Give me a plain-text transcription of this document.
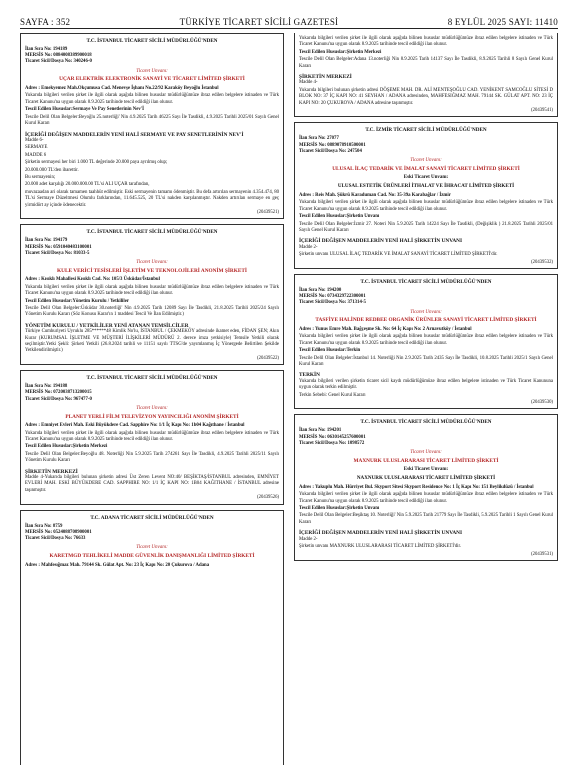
SAYFA : 352	TÜRKİYE TİCARET SİCİLİ GAZETESİ	8 EYLÜL 2025 SAYI: 11410
T.C. İSTANBUL TİCARET SİCİLİ MÜDÜRLÜĞÜ'NDEN
İlan Sıra No: 194189
MERSİS No: 0884008389900018
Ticaret Sicil/Dosya No: 340246-0
Ticaret Unvanı:
UÇAR ELEKTRİK ELEKTRONİK SANAYİ VE TİCARET LİMİTED ŞİRKETİ
Adres : Emekyemez Mah.Okçumusa Cad. Menevşe İşhanı No.22/92 Karaköy Beyoğlu İstanbul
Yukarıda bilgileri verilen şirket ile ilgili olarak aşağıda bilinen hususlar müdürlüğümüze ibraz edilen belgelere istinaden ve Türk Ticaret Kanunu'na uygun olarak 8.9.2025 tarihinde tescil edildiği ilan olunur.
Tescil Edilen Hususlar:Sermaye Ve Pay Senetlerinin Nev'İ
Tescile Delil Olan Belgeler:Beyoğlu 25.noterliği' Nin 4.9.2025 Tarih 46225 Sayı İle Tasdikli, 4.9.2025 Tarihli 2025/01 Sayılı Genel Kurul Kararı
İÇERİĞİ DEĞİŞEN MADDELERİN YENİ HALİ SERMAYE VE PAY SENETLERİNİN NEV'İ
Madde 6-
SERMAYE
MADDE 6
Şirketin sermayesi her biri 1.000 TL değerinde 20.000 paya ayrılmış olup;
20.000.000 TL'den ibarettir.
Bu sermayenin;
20.000 adet karşılığı 20.000.000.00 TL'si ALI UÇAR tarafından,
muvazaadan ari olarak tamamen taahhüt edilmiştir. Eski sermayenin tamamı ödenmiştir. Bu defa artırılan sermayenin 4.354.474, 80 TL'si Sermaye Düzeltmesi Olumlu farklarından, 11.645.525, 20 TL'si nakden karşılanmıştır. Nakden artırılan sermaye en geç yirmidört ay içinde ödenecektir.
(20439521)
T.C. İSTANBUL TİCARET SİCİLİ MÜDÜRLÜĞÜ'NDEN
İlan Sıra No: 194179
MERSİS No: 0591040483100001
Ticaret Sicil/Dosya No: 81033-5
Ticaret Unvanı:
KULE VERİCİ TESİSLERİ İŞLETİM VE TEKNOLOJİLERİ ANONİM ŞİRKETİ
Adres : Kısıklı Mahallesi Kısıklı Cad. No: 105/3 Üsküdar/İstanbul
Yukarıda bilgileri verilen şirket ile ilgili olarak aşağıda bilinen hususlar müdürlüğümüze ibraz edilen belgelere istinaden ve Türk Ticaret Kanunu'na uygun olarak 8.9.2025 tarihinde tescil edildiği ilan olunur.
Tescil Edilen Hususlar:Yönetim Kurulu / Yetkililer
Tescile Delil Olan Belgeler:Üsküdar 30.noterliği' Nin 4.9.2025 Tarih 12089 Sayı İle Tasdikli, 21.8.2025 Tarihli 2025/24 Sayılı Yönetim Kurulu Kararı (Söz Konusu Karar'ın 1 maddesi Tescil Ve İlan Edilmiştir.)
YÖNETİM KURULU / YETKİLİLER YENİ ATANAN TEMSİLCİLER
Türkiye Cumhuriyeti Uyruklu 285******48 Kimlik No'lu, İSTANBUL / ÇEKMEKÖY adresinde ikamet eden, FİDAN ŞEN; Akın Kurar (KURUMSAL İŞLETME VE MÜŞTERİ İLİŞKİLERİ MÜDÜRÜ 2. derece imza yetkisiyle) Temsile Yetkili olarak seçilmiştir.Yetki Şekli: Şirketi Yetkili (26.8.2024 tarihli ve 11151 sayılı TTSG'de yayımlanmış İç Yönergede Belirtilen Şekilde Yetkilendirilmiştir.)
(20439522)
T.C. İSTANBUL TİCARET SİCİLİ MÜDÜRLÜĞÜ'NDEN
İlan Sıra No: 194188
MERSİS No: 0720038713200015
Ticaret Sicil/Dosya No: 967477-0
Ticaret Unvanı:
PLANET YERLİ FİLM TELEVİZYON YAYINCILIĞI ANONİM ŞİRKETİ
Adres : Emniyet Evleri Mah. Eski Büyükdere Cad. Sapphire No: 1/1 İç Kapı No: 1b04 Kağıthane / İstanbul
Yukarıda bilgileri verilen şirket ile ilgili olarak aşağıda bilinen hususlar müdürlüğümüze ibraz edilen belgelere istinaden ve Türk Ticaret Kanunu'na uygun olarak 8.9.2025 tarihinde tescil edildiği ilan olunur.
Tescil Edilen Hususlar:Şirketin Merkezi
Tescile Delil Olan Belgeler:Beyoğlu 48. Noterliği Nin 5.9.2025 Tarih 274261 Sayı İle Tasdikli, 4.9.2025 Tarihli 2025/11 Sayılı Yönetim Kurulu Kararı
ŞİRKETİN MERKEZİ
Madde 4-Yukarıda bilgileri bulunan şirketin adresi Üst Zeren Levent NO:40/ BEŞİKTAŞ/İSTANBUL adresinden, EMNİYET EVLERİ MAH. ESKİ BÜYÜKDERE CAD. SAPPHIRE NO: 1/1 İÇ KAPI NO: 1B04 KAĞITHANE / İSTANBUL adresine taşınmıştır.
(20439526)
T.C. ADANA TİCARET SİCİLİ MÜDÜRLÜĞÜ'NDEN
İlan Sıra No: 8759
MERSİS No: 0524088708900001
Ticaret Sicil/Dosya No: 76633
Ticaret Unvanı:
KARETMGD TEHLİKELİ MADDE GÜVENLİK DANIŞMANLIĞI LİMİTED ŞİRKETİ
Adres : Mahfesığmaz Mah. 79144 Sk. Gülat Apt. No: 23 İç Kapı No: 20 Çukurova / Adana
Yukarıda bilgileri verilen şirket ile ilgili olarak aşağıda bilinen hususlar müdürlüğümüze ibraz edilen belgelere istinaden ve Türk Ticaret Kanunu'na uygun olarak 8.9.2025 tarihinde tescil edildiği ilan olunur.
Tescil Edilen Hususlar:Şirketin Merkezi
Tescile Delil Olan Belgeler:Adana 13.noterliği Nin 8.9.2025 Tarih 14137 Sayı İle Tasdikli, 8.9.2025 Tarihli 8 Sayılı Genel Kurul Kararı
ŞİRKETİN MERKEZİ
Madde 4-
Yukarıda bilgileri bulunan şirketin adresi DÖŞEME MAH. DR. ALİ MENTEŞOĞLU CAD. YENİKENT SAMCOĞLU SİTESİ D BLOK NO: 37 İÇ KAPI NO: 41 SEYHAN / ADANA adresinden, MAHFESIĞMAZ MAH. 79144 SK. GÜLAT APT. NO: 23 İÇ KAPI NO: 20 ÇUKUROVA / ADANA adresine taşınmıştır.
(20439541)
T.C. İZMİR TİCARET SİCİLİ MÜDÜRLÜĞÜ'NDEN
İlan Sıra No: 27077
MERSİS No: 0889078910500001
Ticaret Sicil/Dosya No: 247504
Ticaret Unvanı:
ULUSAL İLAÇ TEDARİK VE İMALAT SANAYİ TİCARET LİMİTED ŞİRKETİ
Eski Ticaret Unvanı:
ULUSAL ESTETİK ÜRÜNLERİ İTHALAT VE İHRACAT LİMİTED ŞİRKETİ
Adres : Reis Mah. Şükrü Karaduman Cad. No: 35-39a Karabağlar / İzmir
Yukarıda bilgileri verilen şirket ile ilgili olarak aşağıda bilinen hususlar müdürlüğümüze ibraz edilen belgelere istinaden ve Türk Ticaret Kanunu'na uygun olarak 8.9.2025 tarihinde tescil edildiği ilan olunur.
Tescil Edilen Hususlar:Şirketin Unvanı
Tescile Delil Olan Belgeler:İzmir 27. Noteri Nin 5.9.2025 Tarih 14224 Sayı İle Tasdikli, (Değişiklik ) 21.8.2025 Tarihli 2025/01 Sayılı Genel Kurul Kararı
İÇERİĞİ DEĞİŞEN MADDELERİN YENİ HALİ ŞİRKETİN UNVANI
Madde 2-
Şirketin unvanı ULUSAL İLAÇ TEDARİK VE İMALAT SANAYİ TİCARET LİMİTED ŞİRKETİ'dir.
(20439532)
T.C. İSTANBUL TİCARET SİCİLİ MÜDÜRLÜĞÜ'NDEN
İlan Sıra No: 194200
MERSİS No: 0734329722300001
Ticaret Sicil/Dosya No: 371314-5
Ticaret Unvanı:
TASFİYE HALİNDE REDBEE ORGANİK ÜRÜNLER SANAYİ TİCARET LİMİTED ŞİRKETİ
Adres : Yunus Emre Mah. Bağçeşme Sk. No: 64 İç Kapı No: 2 Arnavutköy / İstanbul
Yukarıda bilgileri verilen şirket ile ilgili olarak aşağıda bilinen hususlar müdürlüğümüze ibraz edilen belgelere istinaden ve Türk Ticaret Kanunu'na uygun olarak 8.9.2025 tarihinde tescil edildiği ilan olunur.
Tescil Edilen Hususlar:Terkin
Tescile Delil Olan Belgeler:İstanbul 14. Noterliği Nin 2.9.2025 Tarih 2435 Sayı İle Tasdikli, 10.8.2025 Tarihli 2025/1 Sayılı Genel Kurul Kararı
TERKİN
Yukarıda bilgileri verilen şirketin ticaret sicil kaydı müdürlüğümüze ibraz edilen belgelere istinaden ve Türk Ticaret Kanununa uygun olarak terkin edilmiştir.
Terkin Sebebi: Genel Kurul Kararı
(20439530)
T.C. İSTANBUL TİCARET SİCİLİ MÜDÜRLÜĞÜ'NDEN
İlan Sıra No: 194201
MERSİS No: 0630145257600001
Ticaret Sicil/Dosya No: 1098572
Ticaret Unvanı:
MAXNURK ULUSLARARASI TİCARET LİMİTED ŞİRKETİ
Eski Ticaret Unvanı:
NAXNURK ULUSLARARASI TİCARET LİMİTED ŞİRKETİ
Adres : Yakuplu Mah. Hürriyet Bul. Skyport Sitesi Skyport Residence No: 1 İç Kapı No: 151 Beylikdüzü / İstanbul
Yukarıda bilgileri verilen şirket ile ilgili olarak aşağıda bilinen hususlar müdürlüğümüze ibraz edilen belgelere istinaden ve Türk Ticaret Kanunu'na uygun olarak 8.9.2025 tarihinde tescil edildiği ilan olunur.
Tescil Edilen Hususlar:Şirketin Unvanı
Tescile Delil Olan Belgeler:Beşiktaş 10. Noterliği' Nin 5.9.2025 Tarih 21779 Sayı İle Tasdikli, 5.9.2025 Tarihli 1 Sayılı Genel Kurul Kararı
İÇERİĞİ DEĞİŞEN MADDELERİN YENİ HALİ ŞİRKETİN UNVANI
Madde 2-
Şirketin unvanı MAXNURK ULUSLARARASI TİCARET LİMİTED ŞİRKETİ'dir.
(20439531)
